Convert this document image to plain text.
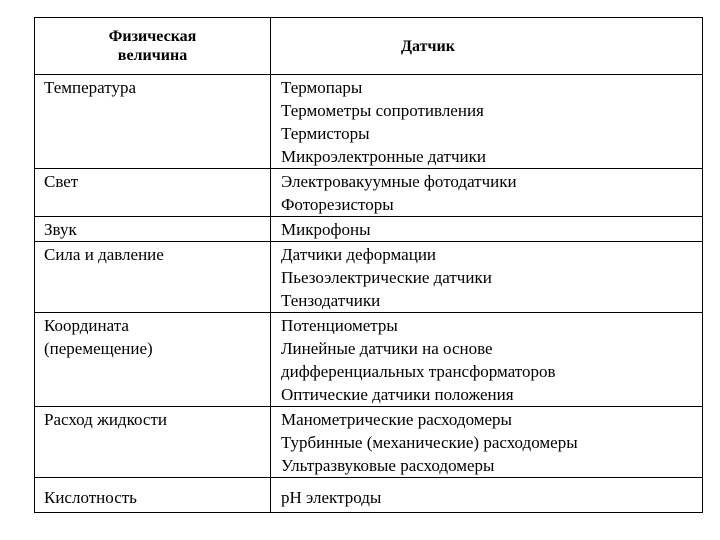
Физическая
величина	Датчик

Температура	Термопары
Термометры сопротивления
Термисторы
Микроэлектронные датчики

Свет	Электровакуумные фотодатчики
Фоторезисторы

Звук	Микрофоны

Сила и давление	Датчики деформации
Пьезоэлектрические датчики
Тензодатчики

Координата
(перемещение)	Потенциометры
Линейные датчики на основе
дифференциальных трансформаторов
Оптические датчики положения

Расход жидкости	Манометрические расходомеры
Турбинные (механические) расходомеры
Ультразвуковые расходомеры

Кислотность	pH электроды
